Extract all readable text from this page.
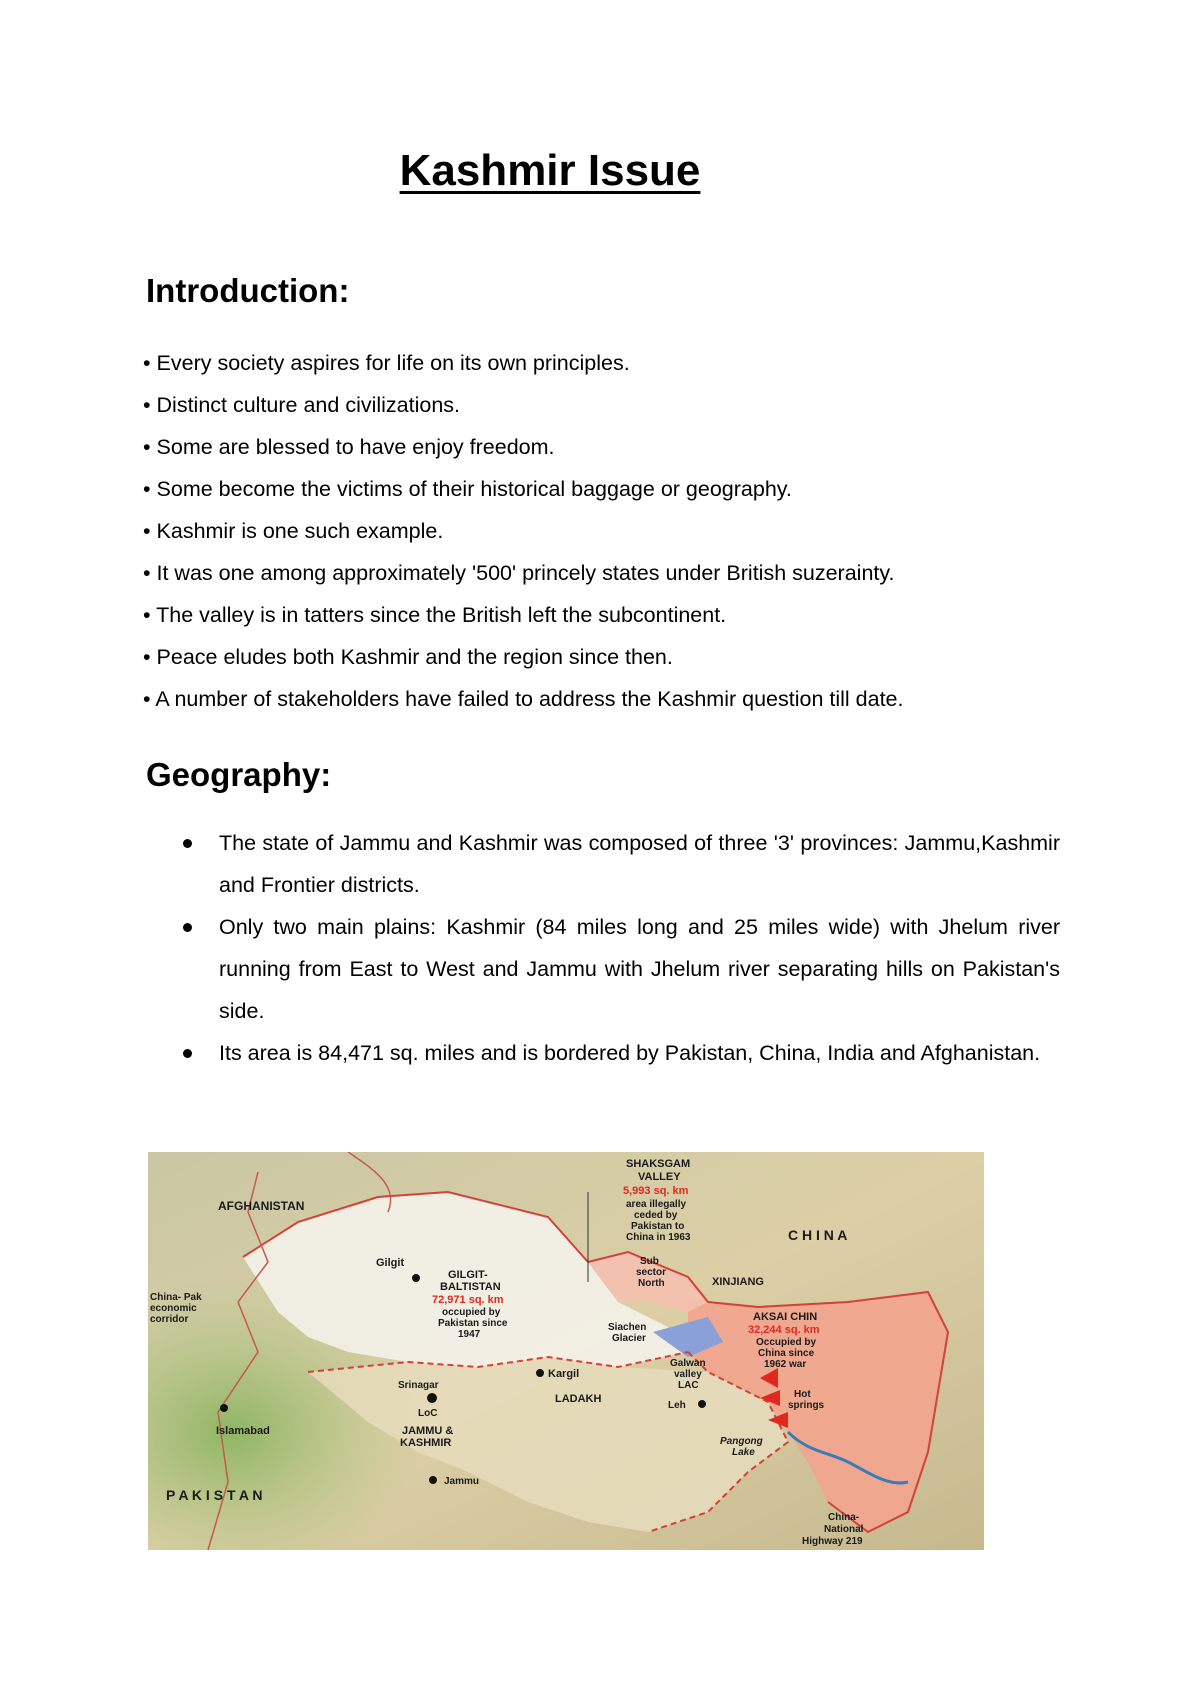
Kashmir Issue
Introduction:
• Every society aspires for life on its own principles.
• Distinct culture and civilizations.
• Some are blessed to have enjoy freedom.
• Some become the victims of their historical baggage or geography.
• Kashmir is one such example.
• It was one among approximately '500' princely states under British suzerainty.
• The valley is in tatters since the British left the subcontinent.
• Peace eludes both Kashmir and the region since then.
• A number of stakeholders have failed to address the Kashmir question till date.
Geography:
The state of Jammu and Kashmir was composed of three '3' provinces: Jammu,Kashmir and Frontier districts.
Only two main plains: Kashmir (84 miles long and 25 miles wide) with Jhelum river running from East to West and Jammu with Jhelum river separating hills on Pakistan's side.
Its area is 84,471 sq. miles and is bordered by Pakistan, China, India and Afghanistan.
AFGHANISTAN
SHAKSGAM
VALLEY
5,993 sq. km
area illegally
ceded by
Pakistan to
China in 1963	C H I N A
Gilgit
GILGIT-
BALTISTAN
72,971 sq. km
occupied by
Pakistan since
1947
Sub
sector
North	XINJIANG
China- Pak
economic
corridor	AKSAI CHIN
32,244 sq. km
Occupied by
China since
1962 war
Siachen
Glacier
Kargil
Galwan
valley
LAC
Srinagar
LADAKH	Hot
springs
LoC
Leh
Islamabad	JAMMU &
KASHMIR	Pangong
Lake
Jammu
P A K I S T A N
China-
National
Highway 219
